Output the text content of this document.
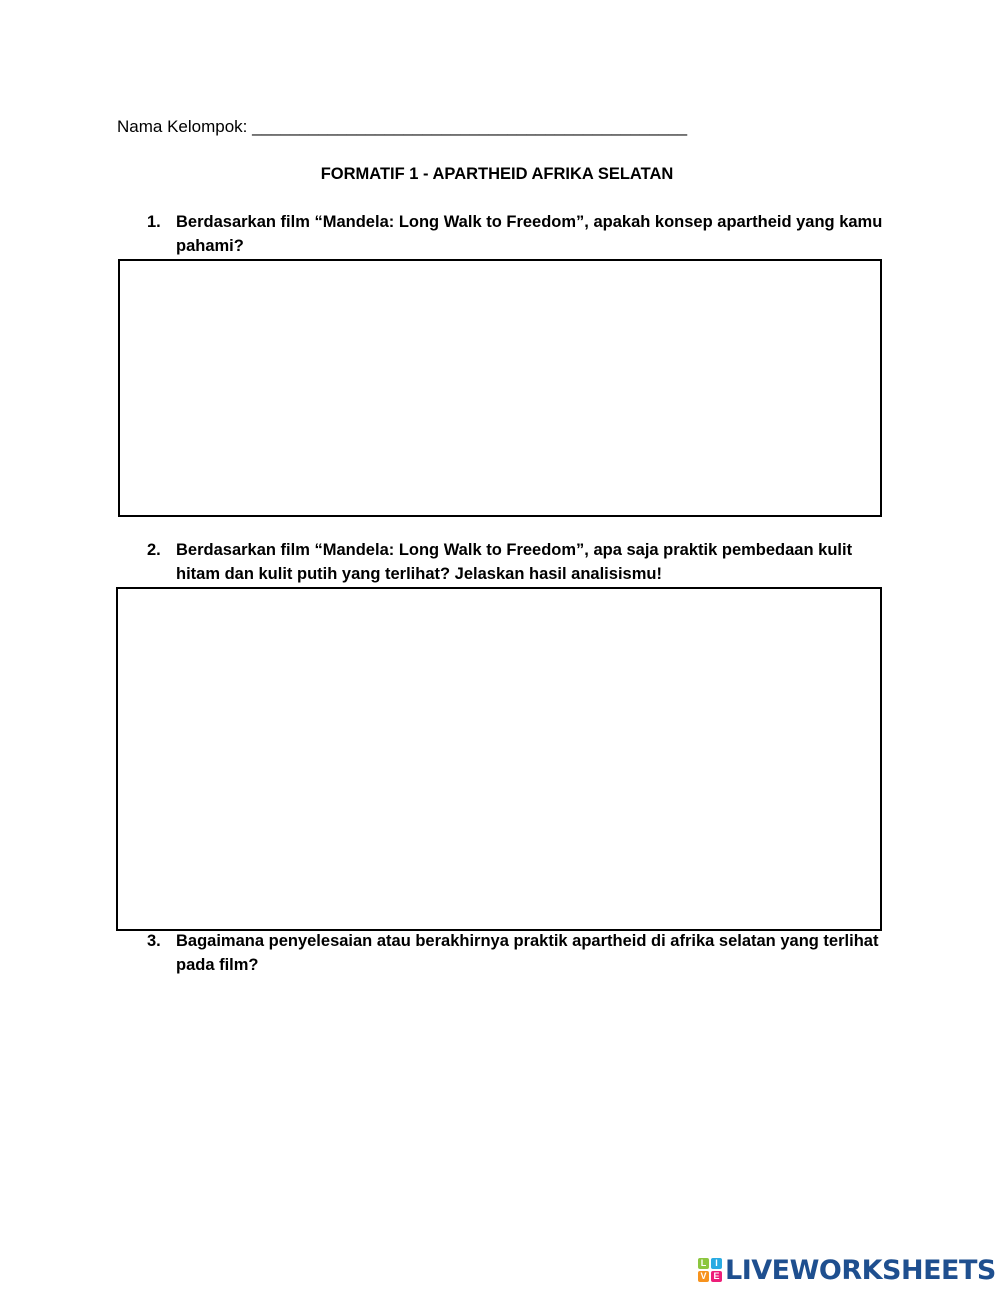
Nama Kelompok: ______________________________________________
FORMATIF 1 - APARTHEID AFRIKA SELATAN
1. Berdasarkan film “Mandela: Long Walk to Freedom”, apakah konsep apartheid yang kamu pahami?
2. Berdasarkan film “Mandela: Long Walk to Freedom”, apa saja praktik pembedaan kulit hitam dan kulit putih yang terlihat? Jelaskan hasil analisismu!
3. Bagaimana penyelesaian atau berakhirnya praktik apartheid di afrika selatan yang terlihat pada film?
L I
V E LIVEWORKSHEETS
